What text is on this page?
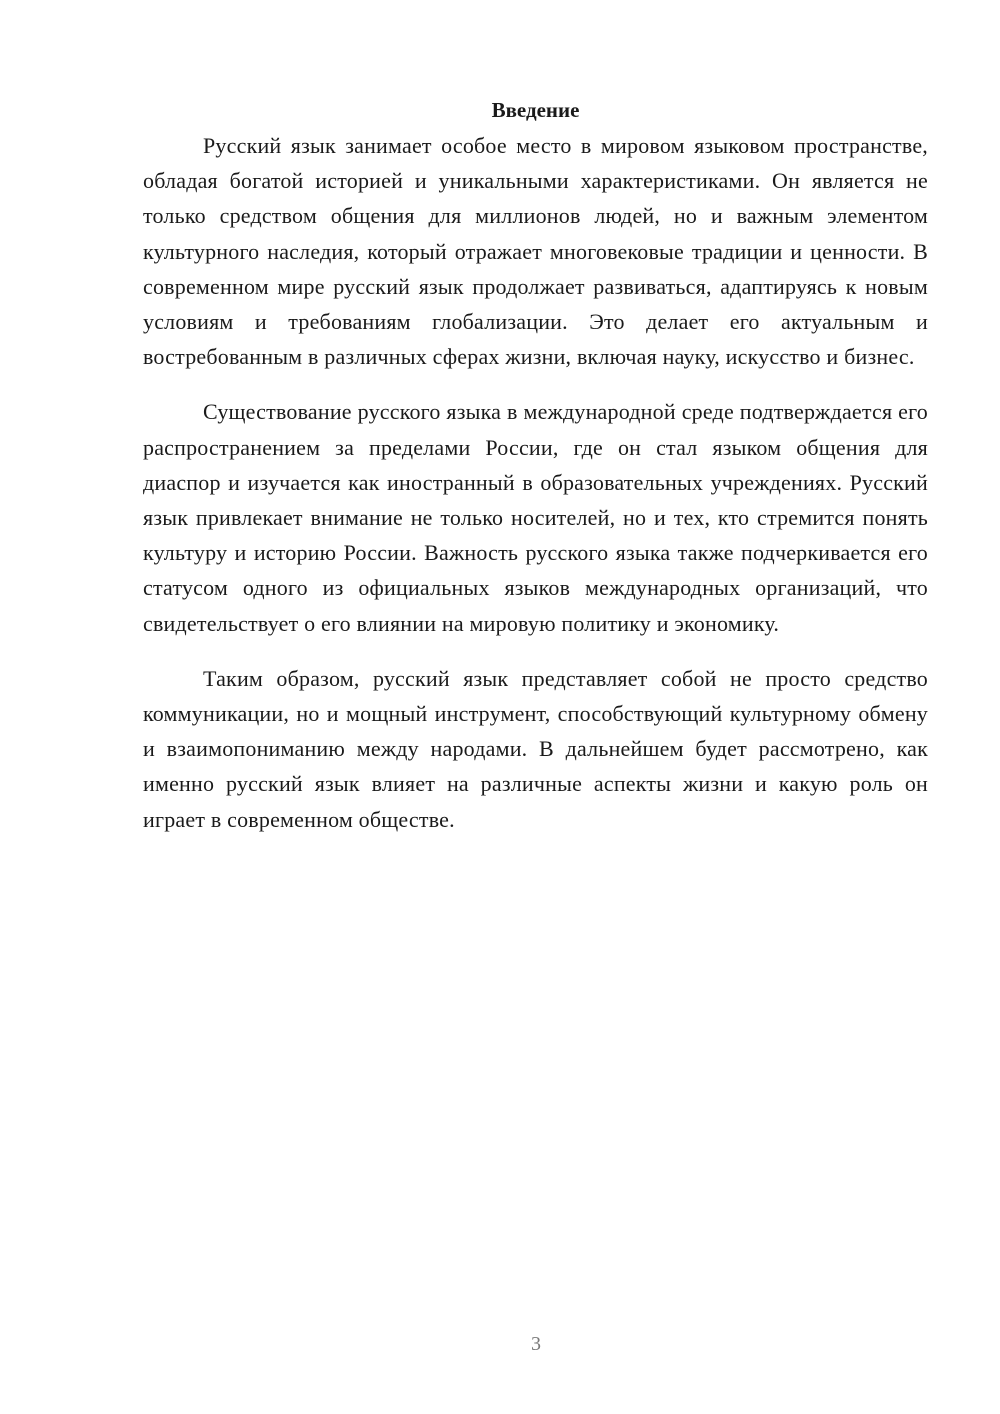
Введение

Русский язык занимает особое место в мировом языковом пространстве, обладая богатой историей и уникальными характеристиками. Он является не только средством общения для миллионов людей, но и важным элементом культурного наследия, который отражает многовековые традиции и ценности. В современном мире русский язык продолжает развиваться, адаптируясь к новым условиям и требованиям глобализации. Это делает его актуальным и востребованным в различных сферах жизни, включая науку, искусство и бизнес.

Существование русского языка в международной среде подтверждается его распространением за пределами России, где он стал языком общения для диаспор и изучается как иностранный в образовательных учреждениях. Русский язык привлекает внимание не только носителей, но и тех, кто стремится понять культуру и историю России. Важность русского языка также подчеркивается его статусом одного из официальных языков международных организаций, что свидетельствует о его влиянии на мировую политику и экономику.

Таким образом, русский язык представляет собой не просто средство коммуникации, но и мощный инструмент, способствующий культурному обмену и взаимопониманию между народами. В дальнейшем будет рассмотрено, как именно русский язык влияет на различные аспекты жизни и какую роль он играет в современном обществе.

3
